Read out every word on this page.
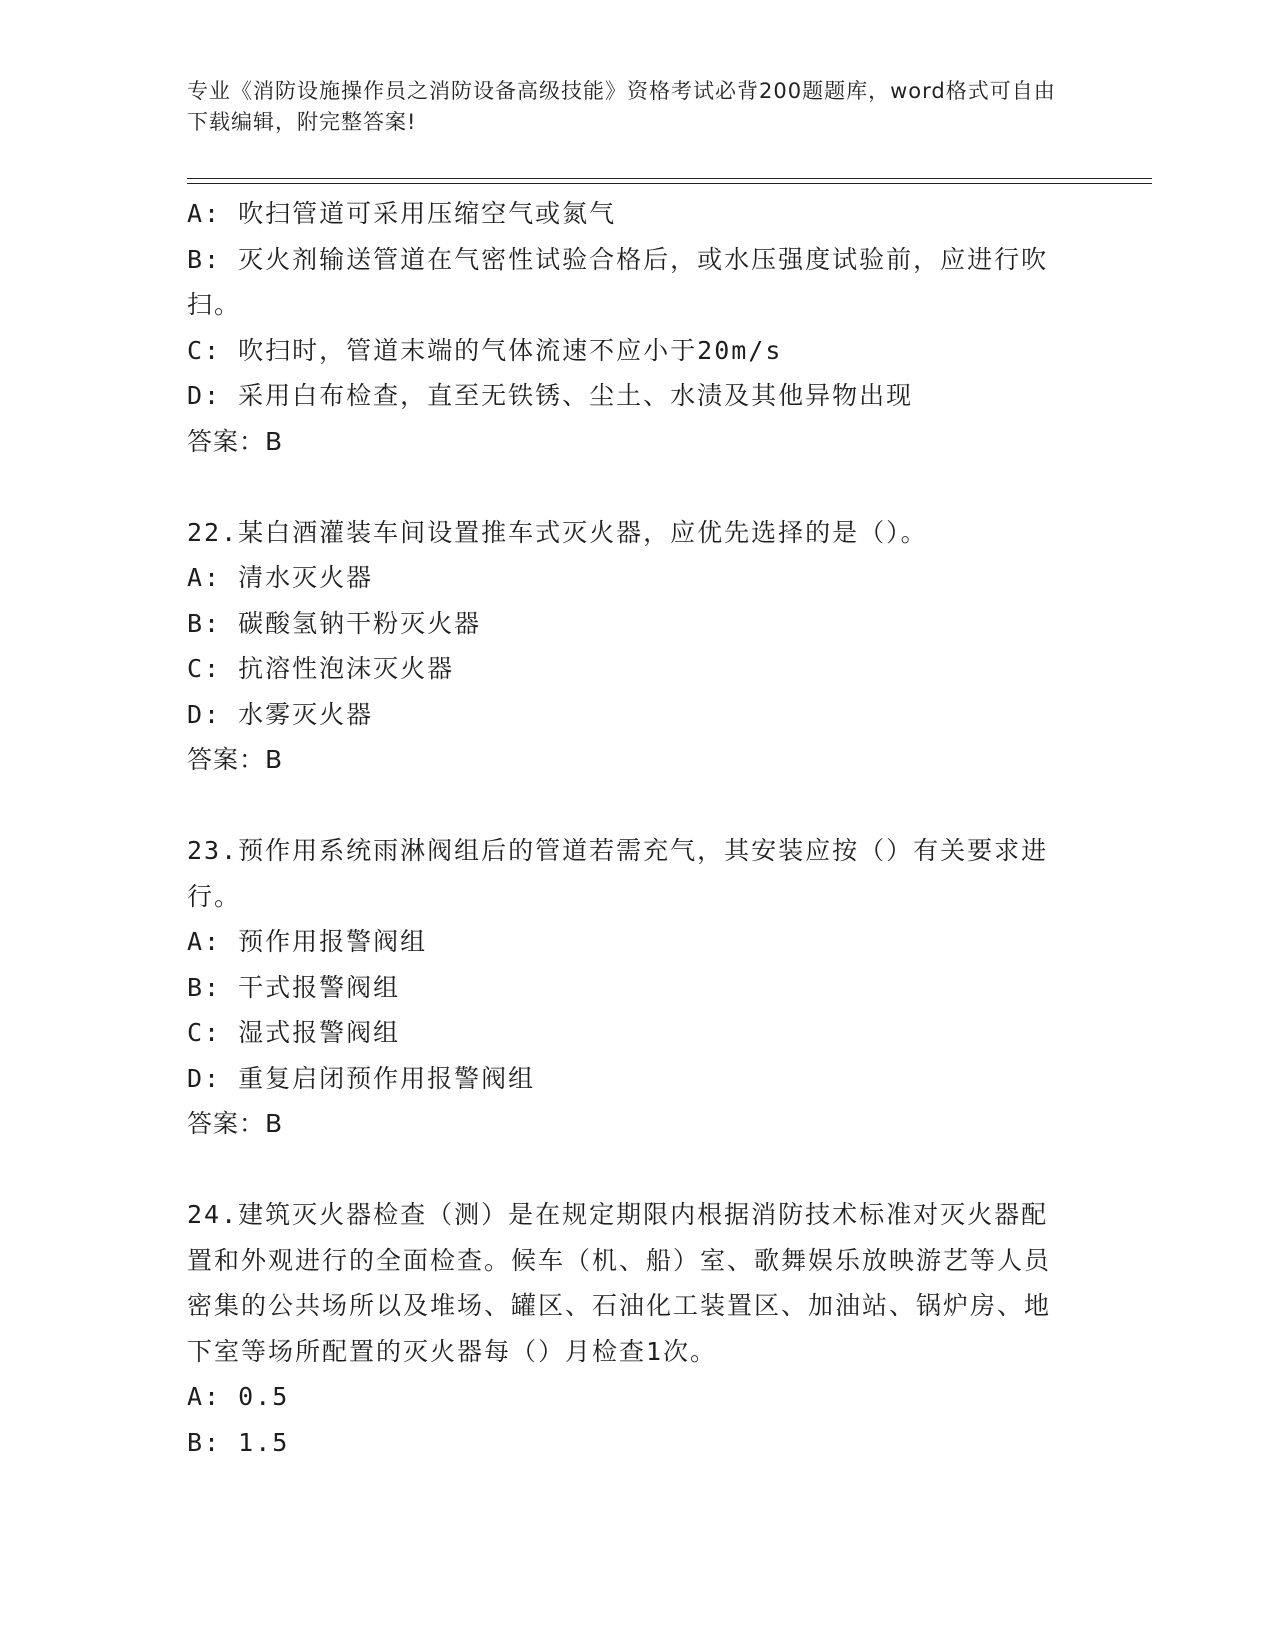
专业《消防设施操作员之消防设备高级技能》资格考试必背200题题库，word格式可自由下载编辑，附完整答案!
A: 吹扫管道可采用压缩空气或氮气
B: 灭火剂输送管道在气密性试验合格后，或水压强度试验前，应进行吹扫。
C: 吹扫时，管道末端的气体流速不应小于20m/s
D: 采用白布检查，直至无铁锈、尘土、水渍及其他异物出现
答案：B
22.某白酒灌装车间设置推车式灭火器，应优先选择的是（）。
A: 清水灭火器
B: 碳酸氢钠干粉灭火器
C: 抗溶性泡沫灭火器
D: 水雾灭火器
答案：B
23.预作用系统雨淋阀组后的管道若需充气，其安装应按（）有关要求进行。
A: 预作用报警阀组
B: 干式报警阀组
C: 湿式报警阀组
D: 重复启闭预作用报警阀组
答案：B
24.建筑灭火器检查（测）是在规定期限内根据消防技术标准对灭火器配置和外观进行的全面检查。候车（机、船）室、歌舞娱乐放映游艺等人员密集的公共场所以及堆场、罐区、石油化工装置区、加油站、锅炉房、地下室等场所配置的灭火器每（）月检查1次。
A: 0.5
B: 1.5
